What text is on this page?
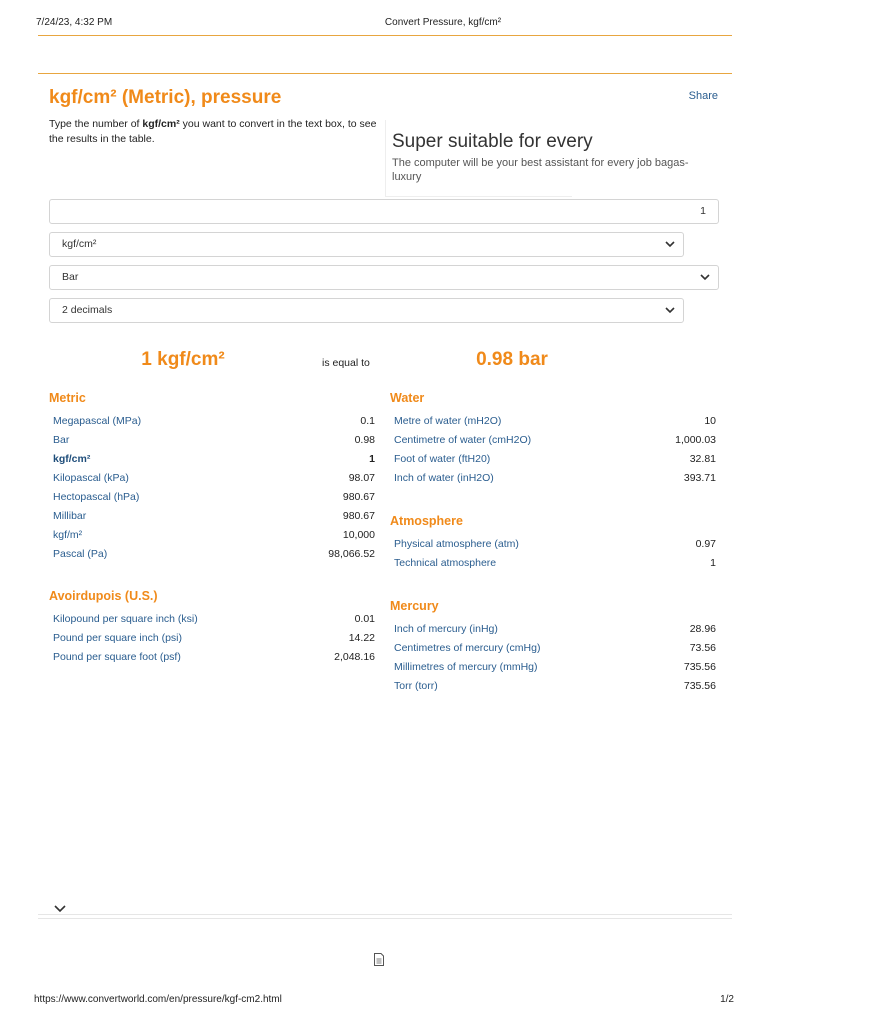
7/24/23, 4:32 PM	Convert Pressure, kgf/cm²
kgf/cm² (Metric), pressure	Share
Type the number of kgf/cm² you want to convert in the text box, to see the results in the table.	Super suitable for every
The computer will be your best assistant for every job bagas-luxury
1
kgf/cm²
Bar
2 decimals
1 kgf/cm²	is equal to	0.98 bar
Metric
Megapascal (MPa)	0.1
Bar	0.98
kgf/cm²	1
Kilopascal (kPa)	98.07
Hectopascal (hPa)	980.67
Millibar	980.67
kgf/m²	10,000
Pascal (Pa)	98,066.52
Avoirdupois (U.S.)
Kilopound per square inch (ksi)	0.01
Pound per square inch (psi)	14.22
Pound per square foot (psf)	2,048.16
Water
Metre of water (mH2O)	10
Centimetre of water (cmH2O)	1,000.03
Foot of water (ftH20)	32.81
Inch of water (inH2O)	393.71
Atmosphere
Physical atmosphere (atm)	0.97
Technical atmosphere	1
Mercury
Inch of mercury (inHg)	28.96
Centimetres of mercury (cmHg)	73.56
Millimetres of mercury (mmHg)	735.56
Torr (torr)	735.56
https://www.convertworld.com/en/pressure/kgf-cm2.html	1/2
